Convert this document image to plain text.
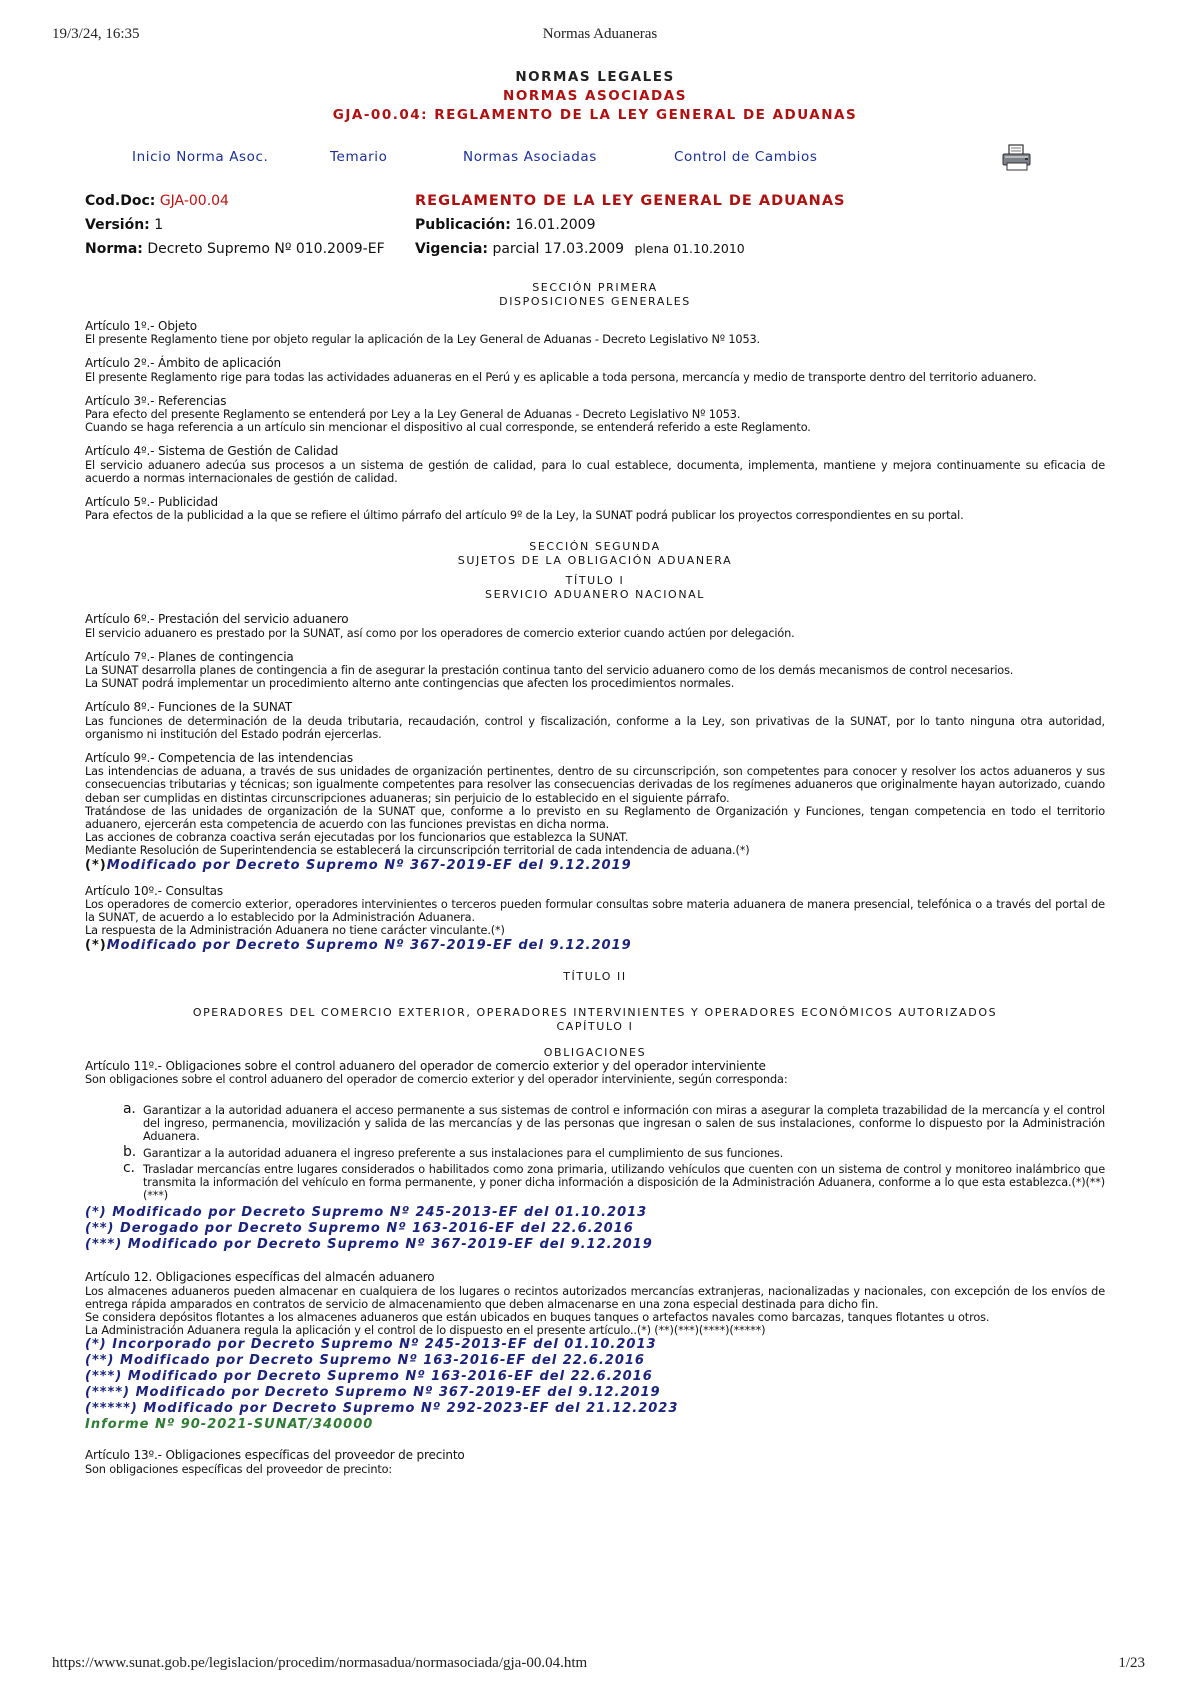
19/3/24, 16:35	Normas Aduaneras
NORMAS LEGALES
NORMAS ASOCIADAS
GJA-00.04: REGLAMENTO DE LA LEY GENERAL DE ADUANAS
Inicio Norma Asoc.	Temario	Normas Asociadas	Control de Cambios
Cod.Doc: GJA-00.04
Versión: 1
Norma: Decreto Supremo Nº 010.2009-EF
REGLAMENTO DE LA LEY GENERAL DE ADUANAS
Publicación: 16.01.2009
Vigencia: parcial 17.03.2009 plena 01.10.2010
SECCIÓN PRIMERA
DISPOSICIONES GENERALES
Artículo 1º.- Objeto

El presente Reglamento tiene por objeto regular la aplicación de la Ley General de Aduanas - Decreto Legislativo Nº 1053.

Artículo 2º.- Ámbito de aplicación

El presente Reglamento rige para todas las actividades aduaneras en el Perú y es aplicable a toda persona, mercancía y medio de transporte dentro del territorio aduanero.

Artículo 3º.- Referencias

Para efecto del presente Reglamento se entenderá por Ley a la Ley General de Aduanas - Decreto Legislativo Nº 1053.

Cuando se haga referencia a un artículo sin mencionar el dispositivo al cual corresponde, se entenderá referido a este Reglamento.

Artículo 4º.- Sistema de Gestión de Calidad

El servicio aduanero adecúa sus procesos a un sistema de gestión de calidad, para lo cual establece, documenta, implementa, mantiene y mejora continuamente su eficacia de acuerdo a normas internacionales de gestión de calidad.

Artículo 5º.- Publicidad

Para efectos de la publicidad a la que se refiere el último párrafo del artículo 9º de la Ley, la SUNAT podrá publicar los proyectos correspondientes en su portal.

SECCIÓN SEGUNDA
SUJETOS DE LA OBLIGACIÓN ADUANERA
TÍTULO I
SERVICIO ADUANERO NACIONAL
Artículo 6º.- Prestación del servicio aduanero

El servicio aduanero es prestado por la SUNAT, así como por los operadores de comercio exterior cuando actúen por delegación.

Artículo 7º.- Planes de contingencia

La SUNAT desarrolla planes de contingencia a fin de asegurar la prestación continua tanto del servicio aduanero como de los demás mecanismos de control necesarios.

La SUNAT podrá implementar un procedimiento alterno ante contingencias que afecten los procedimientos normales.

Artículo 8º.- Funciones de la SUNAT

Las funciones de determinación de la deuda tributaria, recaudación, control y fiscalización, conforme a la Ley, son privativas de la SUNAT, por lo tanto ninguna otra autoridad, organismo ni institución del Estado podrán ejercerlas.

Artículo 9º.- Competencia de las intendencias

Las intendencias de aduana, a través de sus unidades de organización pertinentes, dentro de su circunscripción, son competentes para conocer y resolver los actos aduaneros y sus consecuencias tributarias y técnicas; son igualmente competentes para resolver las consecuencias derivadas de los regímenes aduaneros que originalmente hayan autorizado, cuando deban ser cumplidas en distintas circunscripciones aduaneras; sin perjuicio de lo establecido en el siguiente párrafo.

Tratándose de las unidades de organización de la SUNAT que, conforme a lo previsto en su Reglamento de Organización y Funciones, tengan competencia en todo el territorio aduanero, ejercerán esta competencia de acuerdo con las funciones previstas en dicha norma.

Las acciones de cobranza coactiva serán ejecutadas por los funcionarios que establezca la SUNAT.

Mediante Resolución de Superintendencia se establecerá la circunscripción territorial de cada intendencia de aduana.(*)

(*)Modificado por Decreto Supremo Nº 367-2019-EF del 9.12.2019
Artículo 10º.- Consultas

Los operadores de comercio exterior, operadores intervinientes o terceros pueden formular consultas sobre materia aduanera de manera presencial, telefónica o a través del portal de la SUNAT, de acuerdo a lo establecido por la Administración Aduanera.

La respuesta de la Administración Aduanera no tiene carácter vinculante.(*)

(*)Modificado por Decreto Supremo Nº 367-2019-EF del 9.12.2019
TÍTULO II
OPERADORES DEL COMERCIO EXTERIOR, OPERADORES INTERVINIENTES Y OPERADORES ECONÓMICOS AUTORIZADOS
CAPÍTULO I
OBLIGACIONES
Artículo 11º.- Obligaciones sobre el control aduanero del operador de comercio exterior y del operador interviniente

Son obligaciones sobre el control aduanero del operador de comercio exterior y del operador interviniente, según corresponda:

a. Garantizar a la autoridad aduanera el acceso permanente a sus sistemas de control e información con miras a asegurar la completa trazabilidad de la mercancía y el control del ingreso, permanencia, movilización y salida de las mercancías y de las personas que ingresan o salen de sus instalaciones, conforme lo dispuesto por la Administración Aduanera.
b. Garantizar a la autoridad aduanera el ingreso preferente a sus instalaciones para el cumplimiento de sus funciones.
c. Trasladar mercancías entre lugares considerados o habilitados como zona primaria, utilizando vehículos que cuenten con un sistema de control y monitoreo inalámbrico que transmita la información del vehículo en forma permanente, y poner dicha información a disposición de la Administración Aduanera, conforme a lo que esta establezca.(*)(**)(***)
(*) Modificado por Decreto Supremo Nº 245-2013-EF del 01.10.2013
(**) Derogado por Decreto Supremo Nº 163-2016-EF del 22.6.2016
(***) Modificado por Decreto Supremo Nº 367-2019-EF del 9.12.2019
Artículo 12. Obligaciones específicas del almacén aduanero

Los almacenes aduaneros pueden almacenar en cualquiera de los lugares o recintos autorizados mercancías extranjeras, nacionalizadas y nacionales, con excepción de los envíos de entrega rápida amparados en contratos de servicio de almacenamiento que deben almacenarse en una zona especial destinada para dicho fin.

Se considera depósitos flotantes a los almacenes aduaneros que están ubicados en buques tanques o artefactos navales como barcazas, tanques flotantes u otros.

La Administración Aduanera regula la aplicación y el control de lo dispuesto en el presente artículo..(*) (**)(***)(****)(*****)

(*) Incorporado por Decreto Supremo Nº 245-2013-EF del 01.10.2013
(**) Modificado por Decreto Supremo Nº 163-2016-EF del 22.6.2016
(***) Modificado por Decreto Supremo Nº 163-2016-EF del 22.6.2016
(****) Modificado por Decreto Supremo Nº 367-2019-EF del 9.12.2019
(*****) Modificado por Decreto Supremo Nº 292-2023-EF del 21.12.2023
Informe Nº 90-2021-SUNAT/340000
Artículo 13º.- Obligaciones específicas del proveedor de precinto

Son obligaciones específicas del proveedor de precinto:

https://www.sunat.gob.pe/legislacion/procedim/normasadua/normasociada/gja-00.04.htm	1/23
